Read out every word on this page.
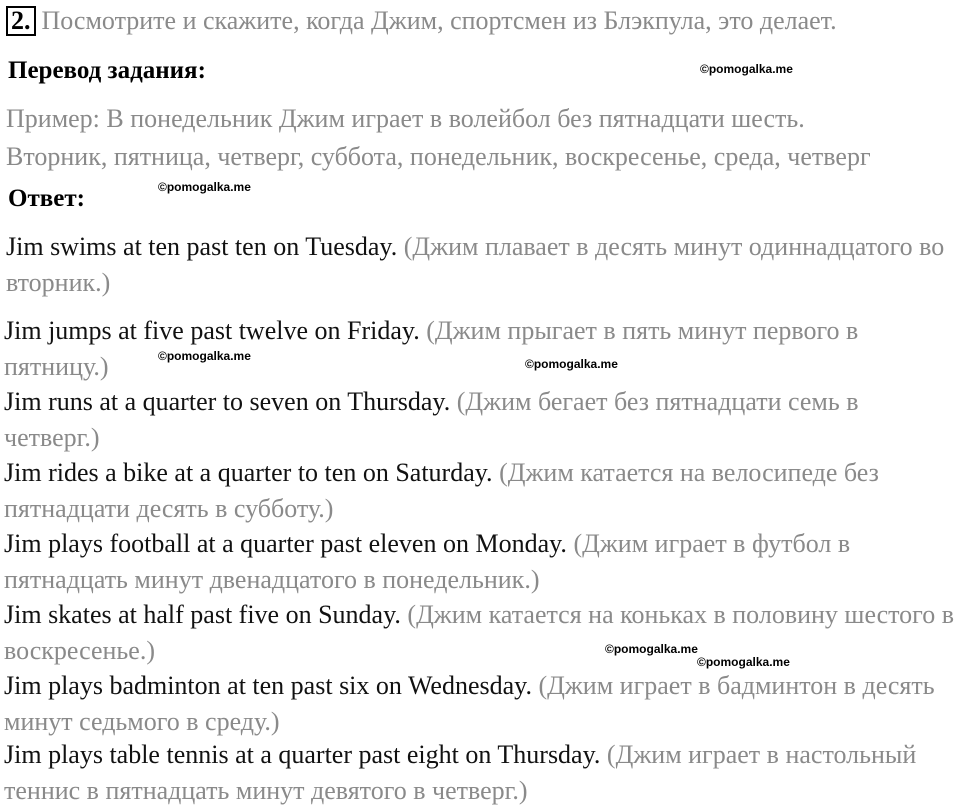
2. Посмотрите и скажите, когда Джим, спортсмен из Блэкпула, это делает.
Перевод задания:
Пример: В понедельник Джим играет в волейбол без пятнадцати шесть.
Вторник, пятница, четверг, суббота, понедельник, воскресенье, среда, четверг
Ответ:
Jim swims at ten past ten on Tuesday. (Джим плавает в десять минут одиннадцатого во вторник.)
Jim jumps at five past twelve on Friday. (Джим прыгает в пять минут первого в пятницу.)
Jim runs at a quarter to seven on Thursday. (Джим бегает без пятнадцати семь в четверг.)
Jim rides a bike at a quarter to ten on Saturday. (Джим катается на велосипеде без пятнадцати десять в субботу.)
Jim plays football at a quarter past eleven on Monday. (Джим играет в футбол в пятнадцать минут двенадцатого в понедельник.)
Jim skates at half past five on Sunday. (Джим катается на коньках в половину шестого в воскресенье.)
Jim plays badminton at ten past six on Wednesday. (Джим играет в бадминтон в десять минут седьмого в среду.)
Jim plays table tennis at a quarter past eight on Thursday. (Джим играет в настольный теннис в пятнадцать минут девятого в четверг.)
©pomogalka.me
©pomogalka.me
©pomogalka.me
©pomogalka.me
©pomogalka.me
©pomogalka.me
